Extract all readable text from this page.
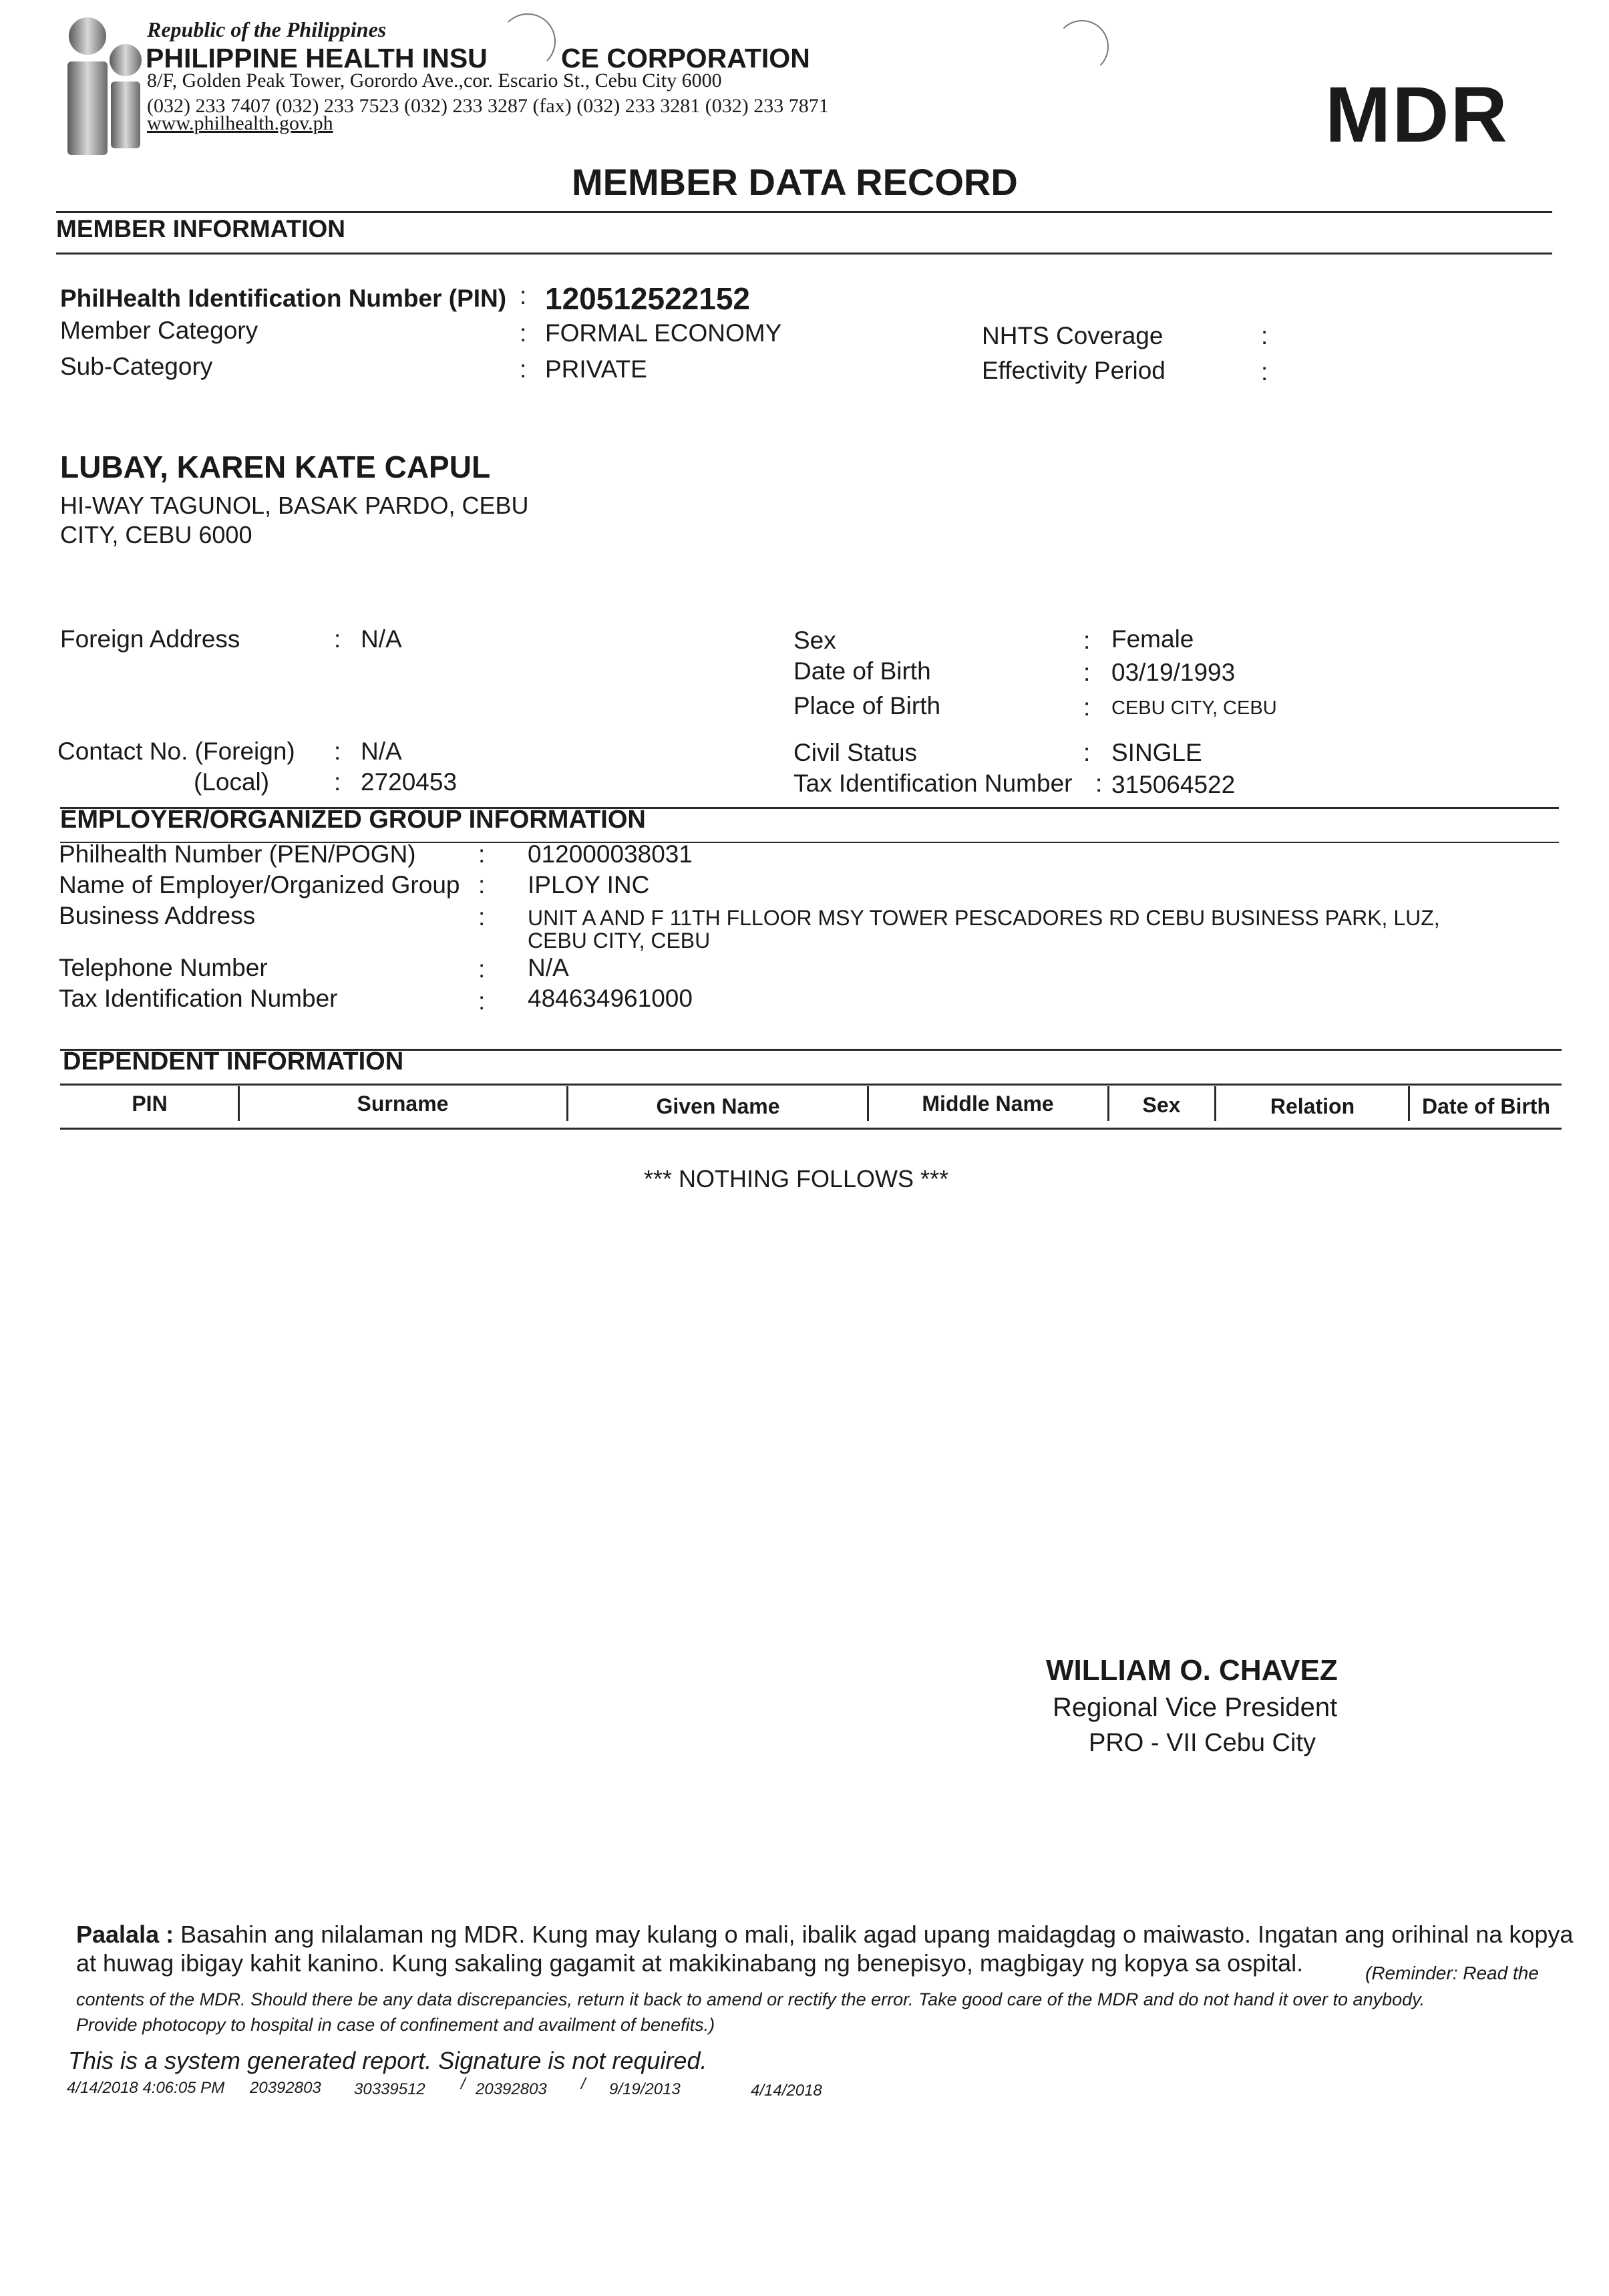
Republic of the Philippines
PHILIPPINE HEALTH INSU	CE CORPORATION
8/F, Golden Peak Tower, Gorordo Ave.,cor. Escario St., Cebu City 6000
(032) 233 7407 (032) 233 7523 (032) 233 3287 (fax) (032) 233 3281 (032) 233 7871
www.philhealth.gov.ph	MDR
MEMBER DATA RECORD
MEMBER INFORMATION
PhilHealth Identification Number (PIN) : 120512522152
Member Category	: FORMAL ECONOMY
Sub-Category	: PRIVATE
NHTS Coverage	:
Effectivity Period	:
LUBAY, KAREN KATE CAPUL
HI-WAY TAGUNOL, BASAK PARDO, CEBU
CITY, CEBU 6000
Foreign Address	: N/A
Contact No. (Foreign) : N/A
(Local)	: 2720453
Sex	: Female
Date of Birth	: 03/19/1993
Place of Birth	: CEBU CITY, CEBU
Civil Status	: SINGLE
Tax Identification Number : 315064522
EMPLOYER/ORGANIZED GROUP INFORMATION
Philhealth Number (PEN/POGN)	: 012000038031
Name of Employer/Organized Group : IPLOY INC
Business Address	: UNIT A AND F 11TH FLLOOR MSY TOWER PESCADORES RD CEBU BUSINESS PARK, LUZ,
CEBU CITY, CEBU
Telephone Number	: N/A
Tax Identification Number	: 484634961000
DEPENDENT INFORMATION
PIN	Surname	Given Name	Middle Name	Sex	Relation	Date of Birth
*** NOTHING FOLLOWS ***
WILLIAM O. CHAVEZ
Regional Vice President
PRO - VII Cebu City
Paalala : Basahin ang nilalaman ng MDR. Kung may kulang o mali, ibalik agad upang maidagdag o maiwasto. Ingatan ang orihinal na kopya at huwag ibigay kahit kanino. Kung sakaling gagamit at makikinabang ng benepisyo, magbigay ng kopya sa ospital.	(Reminder: Read the
contents of the MDR. Should there be any data discrepancies, return it back to amend or rectify the error. Take good care of the MDR and do not hand it over to anybody.
Provide photocopy to hospital in case of confinement and availment of benefits.)
This is a system generated report. Signature is not required.
4/14/2018 4:06:05 PM 20392803 30339512 / 20392803 / 9/19/2013	4/14/2018
